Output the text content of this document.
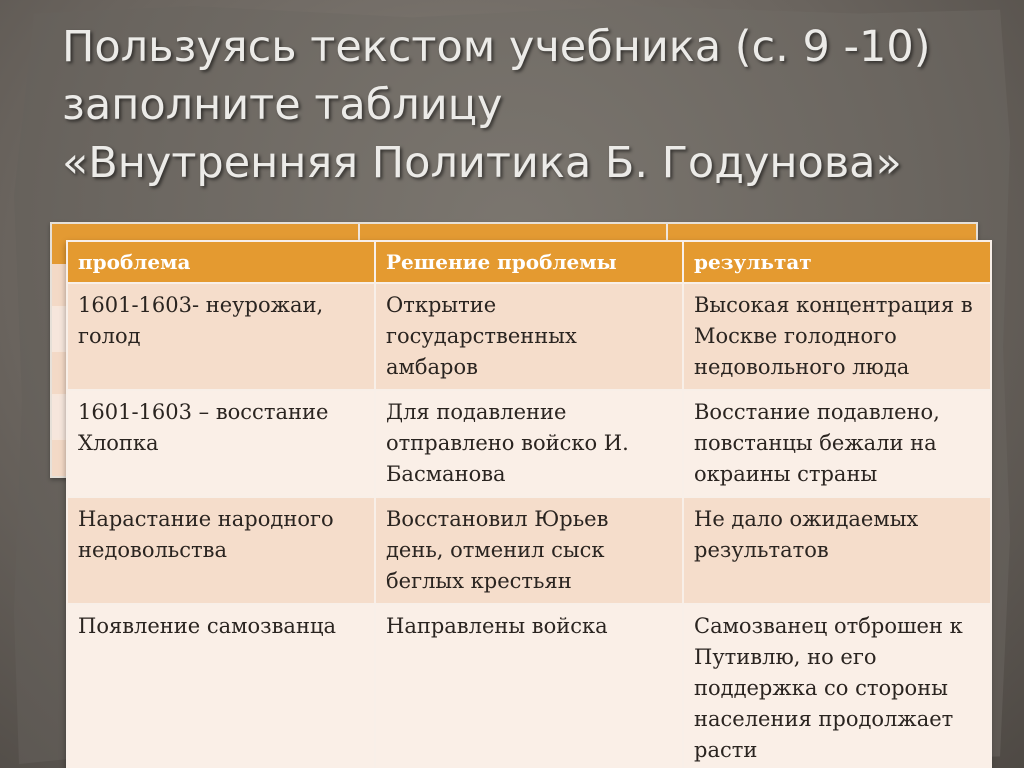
Пользуясь текстом учебника (с. 9 -10)
заполните таблицу
«Внутренняя Политика Б. Годунова»
проблема	Решение проблемы	результат
1601-1603- неурожаи, голод	Открытие государственных амбаров	Высокая концентрация в Москве голодного недовольного люда
1601-1603 – восстание Хлопка	Для подавление отправлено войско И. Басманова	Восстание подавлено, повстанцы бежали на окраины страны
Нарастание народного недовольства	Восстановил Юрьев день, отменил сыск беглых крестьян	Не дало ожидаемых результатов
Появление самозванца	Направлены войска	Самозванец отброшен к Путивлю, но его поддержка со стороны населения продолжает расти
